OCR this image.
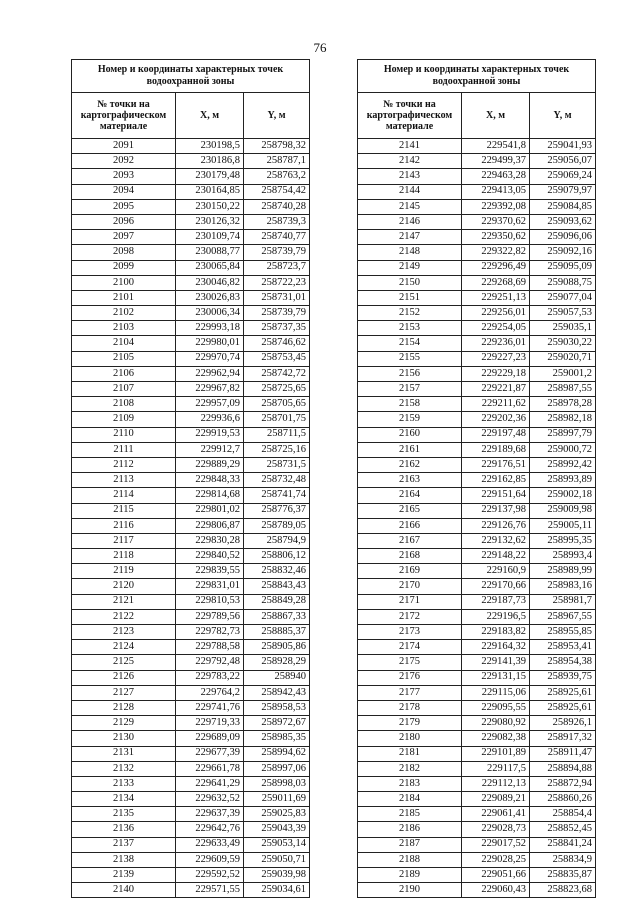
76
Номер и координаты характерных точек водоохранной зоны		
№ точки на картографическом материале	X, м	Y, м
2091	230198,5	258798,32
2092	230186,8	258787,1
2093	230179,48	258763,2
2094	230164,85	258754,42
2095	230150,22	258740,28
2096	230126,32	258739,3
2097	230109,74	258740,77
2098	230088,77	258739,79
2099	230065,84	258723,7
2100	230046,82	258722,23
2101	230026,83	258731,01
2102	230006,34	258739,79
2103	229993,18	258737,35
2104	229980,01	258746,62
2105	229970,74	258753,45
2106	229962,94	258742,72
2107	229967,82	258725,65
2108	229957,09	258705,65
2109	229936,6	258701,75
2110	229919,53	258711,5
2111	229912,7	258725,16
2112	229889,29	258731,5
2113	229848,33	258732,48
2114	229814,68	258741,74
2115	229801,02	258776,37
2116	229806,87	258789,05
2117	229830,28	258794,9
2118	229840,52	258806,12
2119	229839,55	258832,46
2120	229831,01	258843,43
2121	229810,53	258849,28
2122	229789,56	258867,33
2123	229782,73	258885,37
2124	229788,58	258905,86
2125	229792,48	258928,29
2126	229783,22	258940
2127	229764,2	258942,43
2128	229741,76	258958,53
2129	229719,33	258972,67
2130	229689,09	258985,35
2131	229677,39	258994,62
2132	229661,78	258997,06
2133	229641,29	258998,03
2134	229632,52	259011,69
2135	229637,39	259025,83
2136	229642,76	259043,39
2137	229633,49	259053,14
2138	229609,59	259050,71
2139	229592,52	259039,98
2140	229571,55	259034,61
Номер и координаты характерных точек водоохранной зоны		
№ точки на картографическом материале	X, м	Y, м
2141	229541,8	259041,93
2142	229499,37	259056,07
2143	229463,28	259069,24
2144	229413,05	259079,97
2145	229392,08	259084,85
2146	229370,62	259093,62
2147	229350,62	259096,06
2148	229322,82	259092,16
2149	229296,49	259095,09
2150	229268,69	259088,75
2151	229251,13	259077,04
2152	229256,01	259057,53
2153	229254,05	259035,1
2154	229236,01	259030,22
2155	229227,23	259020,71
2156	229229,18	259001,2
2157	229221,87	258987,55
2158	229211,62	258978,28
2159	229202,36	258982,18
2160	229197,48	258997,79
2161	229189,68	259000,72
2162	229176,51	258992,42
2163	229162,85	258993,89
2164	229151,64	259002,18
2165	229137,98	259009,98
2166	229126,76	259005,11
2167	229132,62	258995,35
2168	229148,22	258993,4
2169	229160,9	258989,99
2170	229170,66	258983,16
2171	229187,73	258981,7
2172	229196,5	258967,55
2173	229183,82	258955,85
2174	229164,32	258953,41
2175	229141,39	258954,38
2176	229131,15	258939,75
2177	229115,06	258925,61
2178	229095,55	258925,61
2179	229080,92	258926,1
2180	229082,38	258917,32
2181	229101,89	258911,47
2182	229117,5	258894,88
2183	229112,13	258872,94
2184	229089,21	258860,26
2185	229061,41	258854,4
2186	229028,73	258852,45
2187	229017,52	258841,24
2188	229028,25	258834,9
2189	229051,66	258835,87
2190	229060,43	258823,68
